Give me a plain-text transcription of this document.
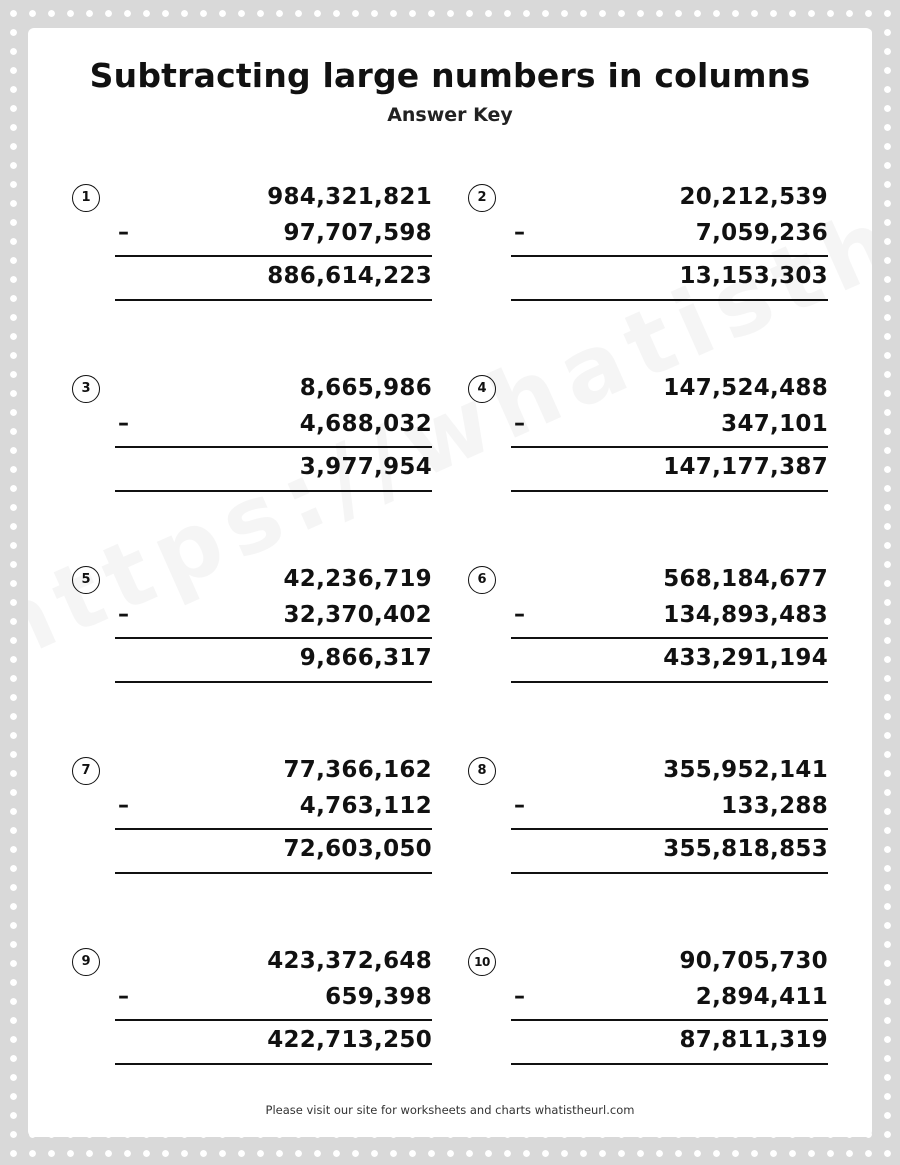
Subtracting large numbers in columns
Answer Key
1	984,321,821
–	97,707,598
886,614,223
2	20,212,539
–	7,059,236
13,153,303
3	8,665,986
–	4,688,032
3,977,954
4	147,524,488
–	347,101
147,177,387
5	42,236,719
–	32,370,402
9,866,317
6	568,184,677
–	134,893,483
433,291,194
7	77,366,162
–	4,763,112
72,603,050
8	355,952,141
–	133,288
355,818,853
9	423,372,648
–	659,398
422,713,250
10	90,705,730
–	2,894,411
87,811,319
Please visit our site for worksheets and charts whatistheurl.com
